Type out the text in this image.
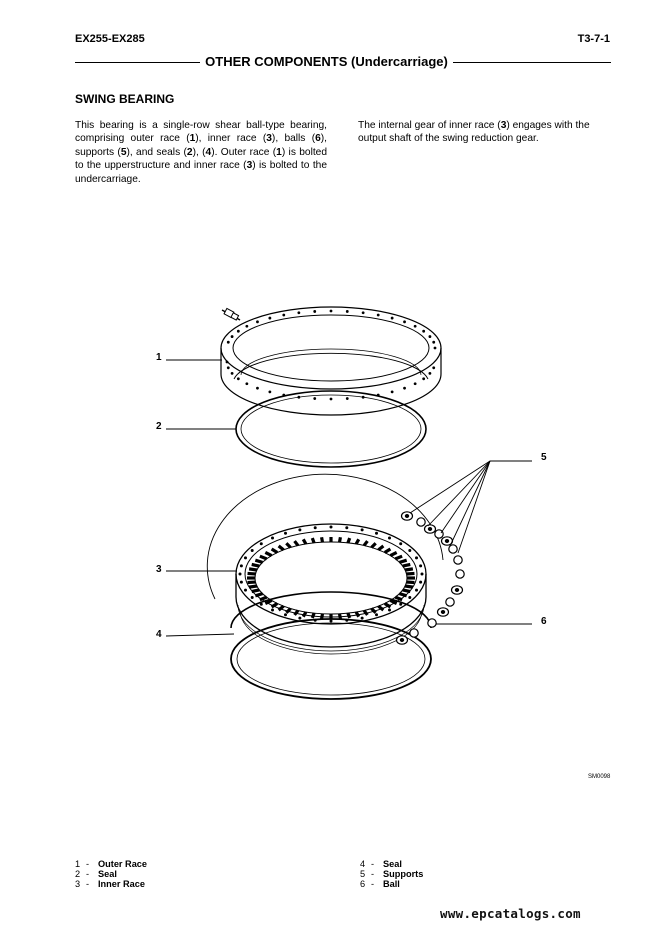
EX255-EX285	T3-7-1
OTHER COMPONENTS (Undercarriage)
SWING BEARING
This bearing is a single-row shear ball-type bearing, comprising outer race (1), inner race (3), balls (6), supports (5), and seals (2), (4). Outer race (1) is bolted to the upperstructure and inner race (3) is bolted to the undercarriage.
The internal gear of inner race (3) engages with the output shaft of the swing reduction gear.
1
2
3
4
5
6
SM0098
1 - Outer Race
2 - Seal
3 - Inner Race
4 - Seal
5 - Supports
6 - Ball
www.epcatalogs.com
